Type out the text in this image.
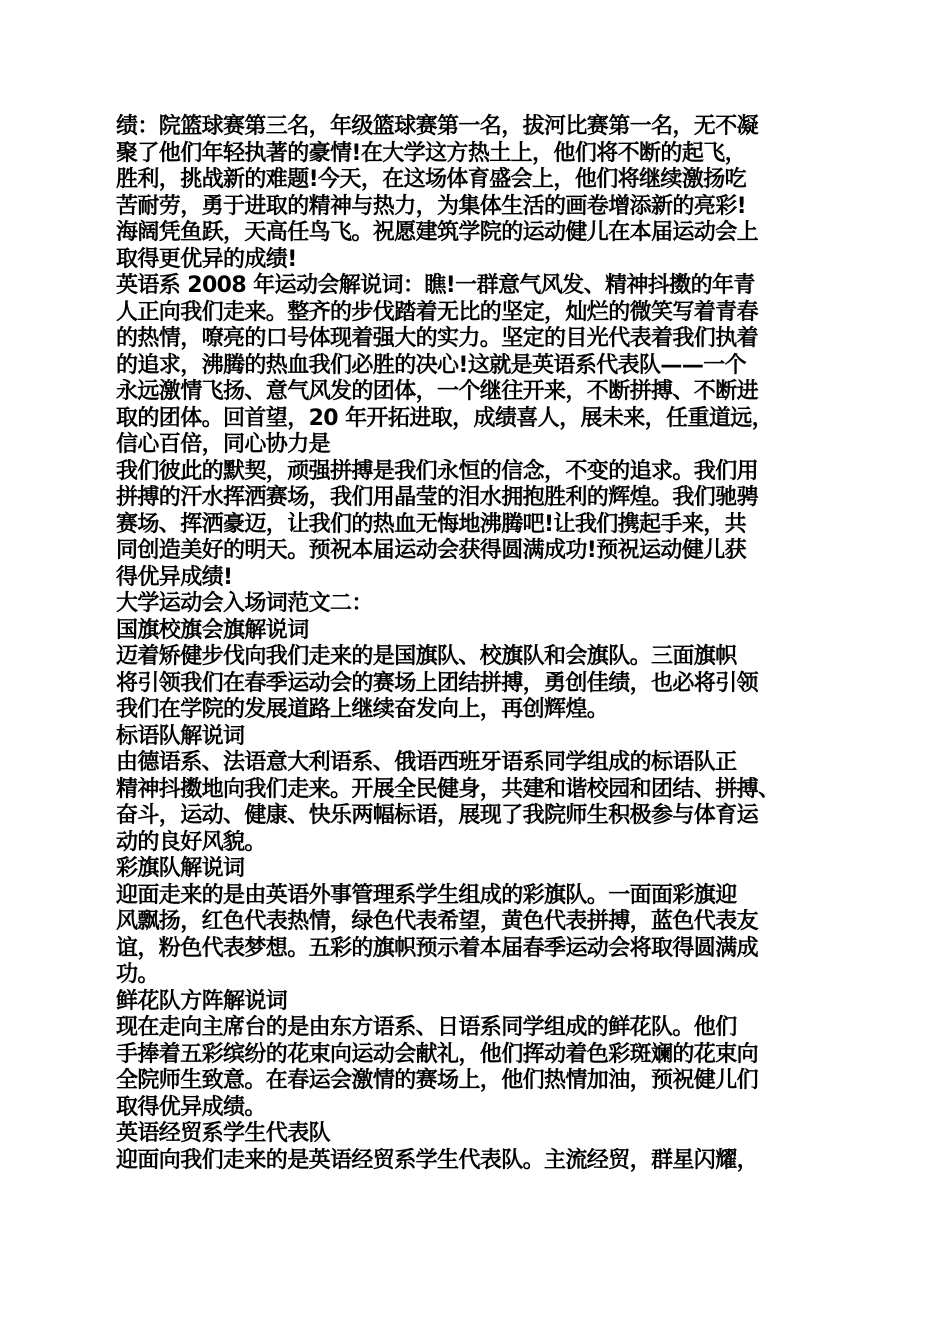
绩：院篮球赛第三名，年级篮球赛第一名，拔河比赛第一名，无不凝
聚了他们年轻执著的豪情!在大学这方热土上，他们将不断的起飞，
胜利，挑战新的难题!今天，在这场体育盛会上，他们将继续激扬吃
苦耐劳，勇于进取的精神与热力，为集体生活的画卷增添新的亮彩!
海阔凭鱼跃，天高任鸟飞。祝愿建筑学院的运动健儿在本届运动会上
取得更优异的成绩!
英语系 2008 年运动会解说词：瞧!一群意气风发、精神抖擞的年青
人正向我们走来。整齐的步伐踏着无比的坚定，灿烂的微笑写着青春
的热情，嘹亮的口号体现着强大的实力。坚定的目光代表着我们执着
的追求，沸腾的热血我们必胜的决心!这就是英语系代表队——一个
永远激情飞扬、意气风发的团体，一个继往开来，不断拼搏、不断进
取的团体。回首望，20 年开拓进取，成绩喜人，展未来，任重道远，
信心百倍，同心协力是
我们彼此的默契，顽强拼搏是我们永恒的信念，不变的追求。我们用
拼搏的汗水挥洒赛场，我们用晶莹的泪水拥抱胜利的辉煌。我们驰骋
赛场、挥洒豪迈，让我们的热血无悔地沸腾吧!让我们携起手来，共
同创造美好的明天。预祝本届运动会获得圆满成功!预祝运动健儿获
得优异成绩!
大学运动会入场词范文二：
国旗校旗会旗解说词
迈着矫健步伐向我们走来的是国旗队、校旗队和会旗队。三面旗帜
将引领我们在春季运动会的赛场上团结拼搏，勇创佳绩，也必将引领
我们在学院的发展道路上继续奋发向上，再创辉煌。
标语队解说词
由德语系、法语意大利语系、俄语西班牙语系同学组成的标语队正
精神抖擞地向我们走来。开展全民健身，共建和谐校园和团结、拼搏、
奋斗，运动、健康、快乐两幅标语，展现了我院师生积极参与体育运
动的良好风貌。
彩旗队解说词
迎面走来的是由英语外事管理系学生组成的彩旗队。一面面彩旗迎
风飘扬，红色代表热情，绿色代表希望，黄色代表拼搏，蓝色代表友
谊，粉色代表梦想。五彩的旗帜预示着本届春季运动会将取得圆满成
功。
鲜花队方阵解说词
现在走向主席台的是由东方语系、日语系同学组成的鲜花队。他们
手捧着五彩缤纷的花束向运动会献礼，他们挥动着色彩斑斓的花束向
全院师生致意。在春运会激情的赛场上，他们热情加油，预祝健儿们
取得优异成绩。
英语经贸系学生代表队
迎面向我们走来的是英语经贸系学生代表队。主流经贸，群星闪耀，
